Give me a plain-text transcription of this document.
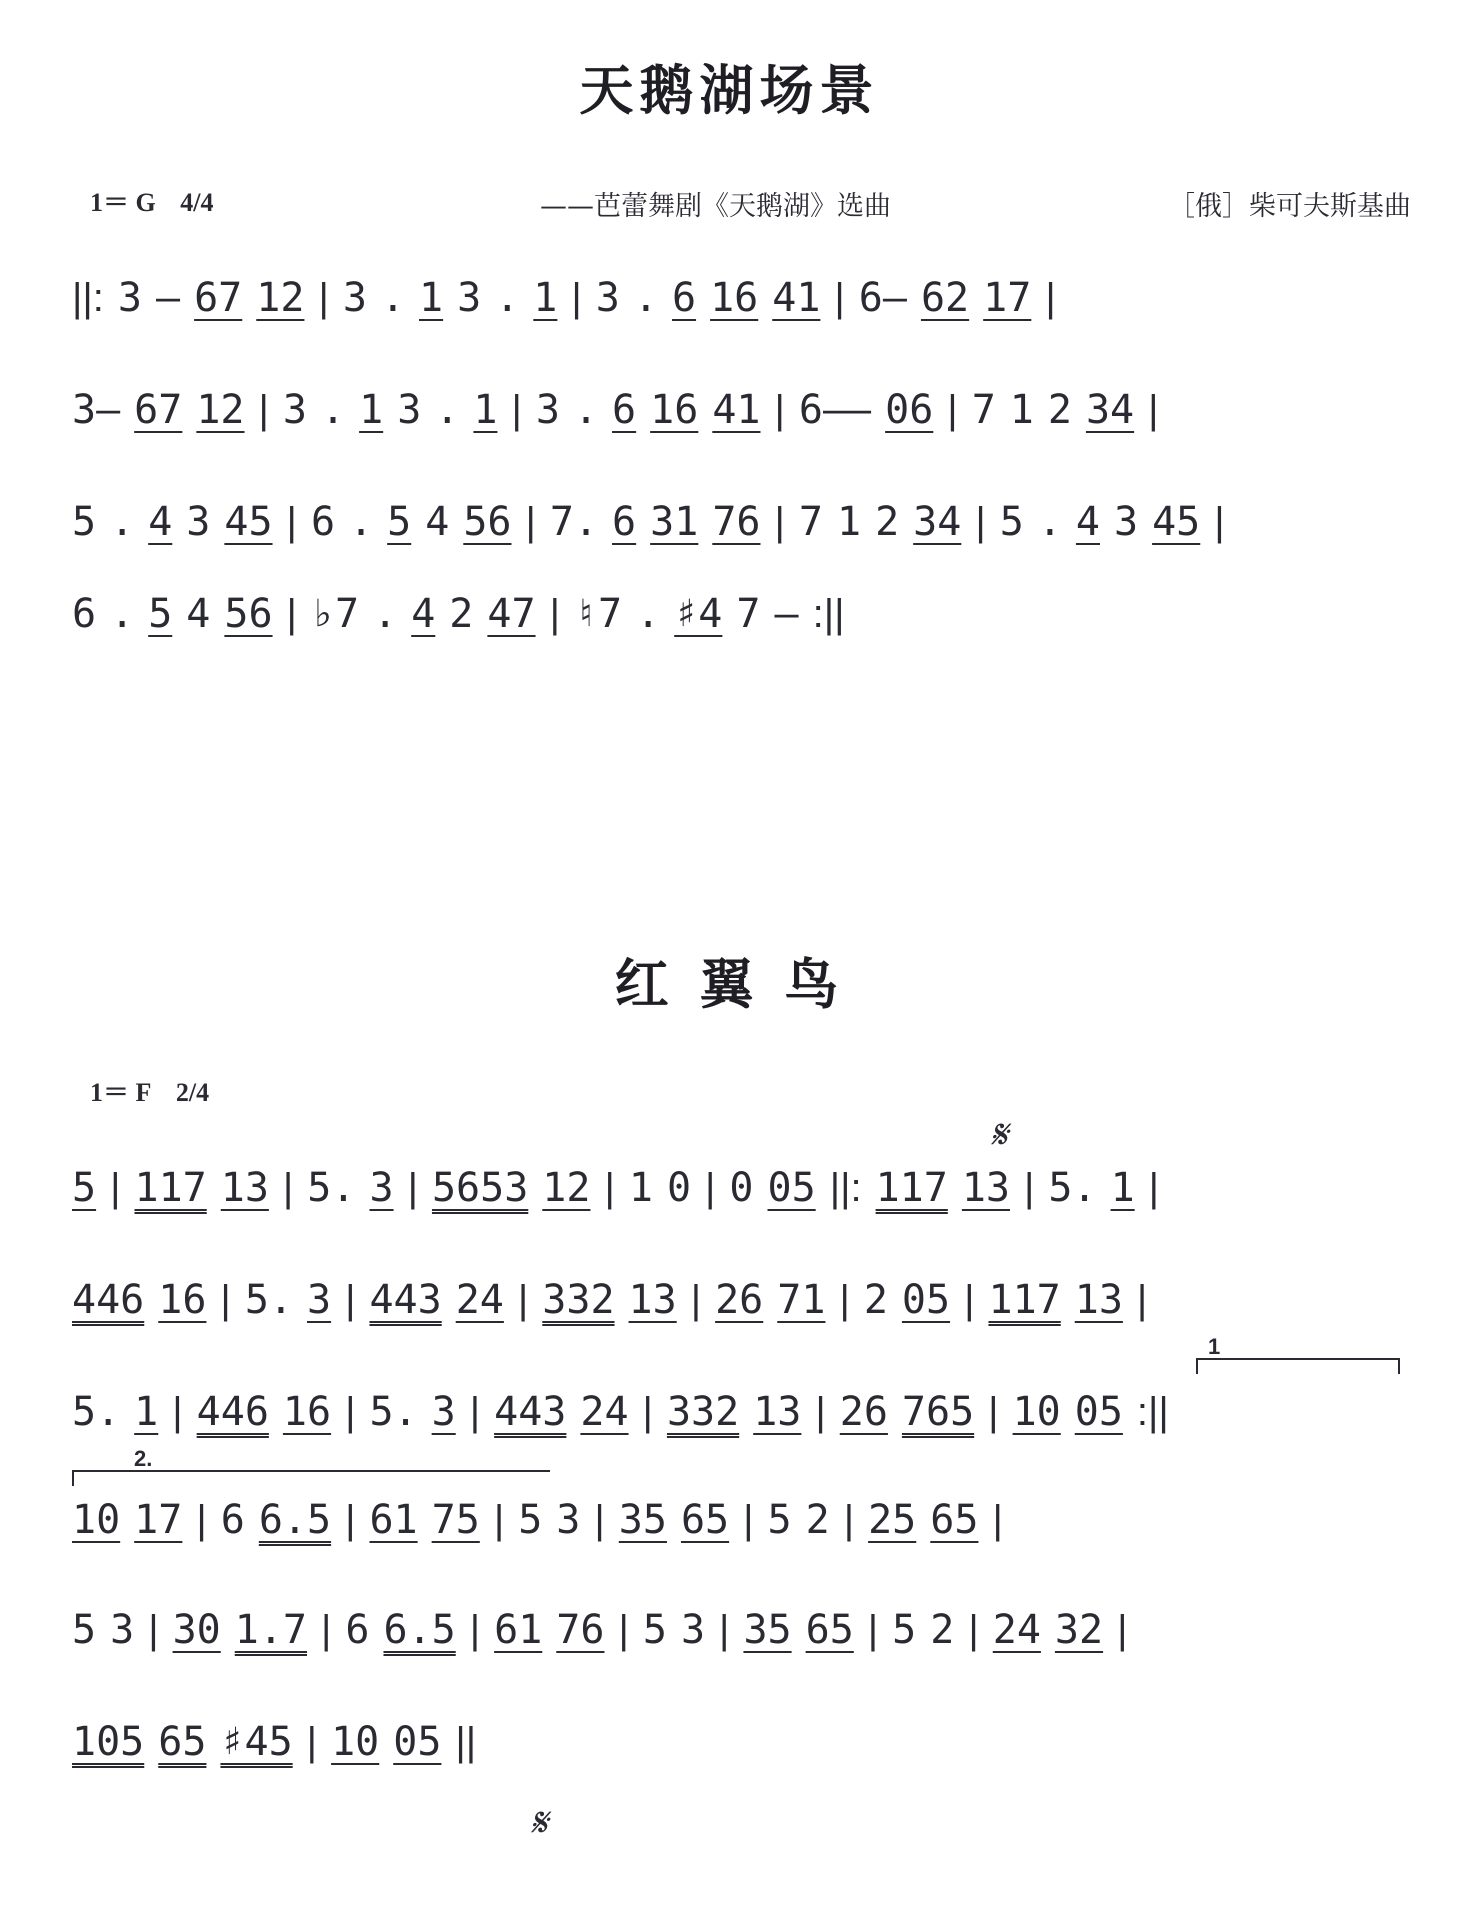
天鹅湖场景
1＝ G 4/4	——芭蕾舞剧《天鹅湖》选曲	［俄］柴可夫斯基曲
||: 3 – 67 12 | 3 . 1 3 . 1 | 3 . 6 16 41 | 6– 62 17 |
3– 67 12 | 3 . 1 3 . 1 | 3 . 6 16 41 | 6–– 06 | 7 1 2 34 |
5 . 4 3 45 | 6 . 5 4 56 | 7. 6 31 76 | 7 1 2 34 | 5 . 4 3 45 |
6 . 5 4 56 | ♭7 . 4 2 47 | ♮7 . ♯4 7 – :||
红 翼 鸟
1＝ F 2/4
𝄋
1
2.
𝄋
5 | 117 13 | 5. 3 | 5653 12 | 1 0 | 0 05 ||: 117 13 | 5. 1 |
446 16 | 5. 3 | 443 24 | 332 13 | 26 71 | 2 05 | 117 13 |
5. 1 | 446 16 | 5. 3 | 443 24 | 332 13 | 26 765 | 10 05 :||
10 17 | 6 6.5 | 61 75 | 5 3 | 35 65 | 5 2 | 25 65 |
5 3 | 30 1.7 | 6 6.5 | 61 76 | 5 3 | 35 65 | 5 2 | 24 32 |
105 65 ♯45 | 10 05 ||
